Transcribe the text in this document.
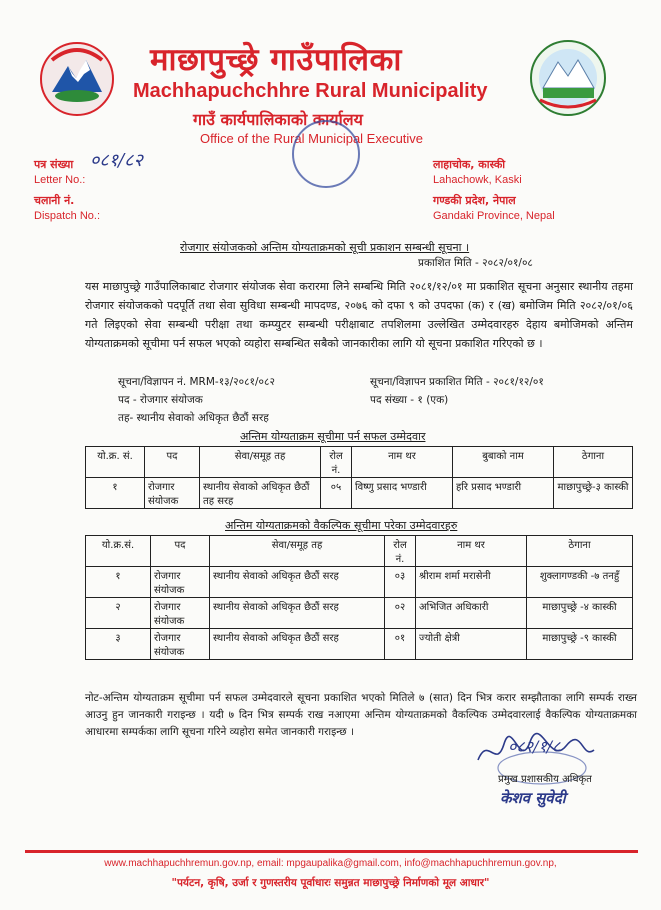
माछापुच्छ्रे गाउँपालिका
Machhapuchchhre Rural Municipality
गाउँ कार्यपालिकाको कार्यालय
Office of the Rural Municipal Executive
पत्र संख्या ०८१/८२
Letter No.:
चलानी नं.
Dispatch No.:
लाहाचोक, कास्की
Lahachowk, Kaski
गण्डकी प्रदेश, नेपाल
Gandaki Province, Nepal
रोजगार संयोजकको अन्तिम योग्यताक्रमको सूची प्रकाशन सम्बन्धी सूचना ।
प्रकाशित मिति - २०८२/०१/०८
यस माछापुच्छ्रे गाउँपालिकाबाट रोजगार संयोजक सेवा करारमा लिने सम्बन्धि मिति २०८१/१२/०१ मा प्रकाशित सूचना अनुसार स्थानीय तहमा रोजगार संयोजकको पदपूर्ति तथा सेवा सुविधा सम्बन्धी मापदण्ड, २०७६ को दफा ९ को उपदफा (क) र (ख) बमोजिम मिति २०८२/०१/०६ गते लिइएको सेवा सम्बन्धी परीक्षा तथा कम्प्युटर सम्बन्धी परीक्षाबाट तपशिलमा उल्लेखित उम्मेदवारहरु देहाय बमोजिमको अन्तिम योग्यताक्रमको सूचीमा पर्न सफल भएको व्यहोरा सम्बन्धित सबैको जानकारीका लागि यो सूचना प्रकाशित गरिएको छ ।
सूचना/विज्ञापन नं. MRM-१३/२०८१/०८२	सूचना/विज्ञापन प्रकाशित मिति - २०८१/१२/०१
पद - रोजगार संयोजक	पद संख्या - १ (एक)
तह- स्थानीय सेवाको अधिकृत छैठौं सरह
अन्तिम योग्यताक्रम सूचीमा पर्न सफल उम्मेदवार
यो.क्र. सं.	पद	सेवा/समूह तह	रोल नं.	नाम थर	बुबाको नाम	ठेगाना
१	रोजगार संयोजक	स्थानीय सेवाको अधिकृत छैठौं तह सरह	०५	विष्णु प्रसाद भण्डारी	हरि प्रसाद भण्डारी	माछापुच्छ्रे-३ कास्की
अन्तिम योग्यताक्रमको वैकल्पिक सूचीमा परेका उम्मेदवारहरु
यो.क्र.सं.	पद	सेवा/समूह तह	रोल नं.	नाम थर	ठेगाना
१	रोजगार संयोजक	स्थानीय सेवाको अधिकृत छैठौं सरह	०३	श्रीराम शर्मा मरासेनी	शुक्लागण्डकी -७ तनहुँ
२	रोजगार संयोजक	स्थानीय सेवाको अधिकृत छैठौं सरह	०२	अभिजित अधिकारी	माछापुच्छ्रे -४ कास्की
३	रोजगार संयोजक	स्थानीय सेवाको अधिकृत छैठौं सरह	०१	ज्योती क्षेत्री	माछापुच्छ्रे -९ कास्की
नोट-अन्तिम योग्यताक्रम सूचीमा पर्न सफल उम्मेदवारले सूचना प्रकाशित भएको मितिले ७ (सात) दिन भित्र करार सम्झौताका लागि सम्पर्क राख्न आउनु हुन जानकारी गराइन्छ । यदी ७ दिन भित्र सम्पर्क राख नआएमा अन्तिम योग्यताक्रमको वैकल्पिक उम्मेदवारलाई वैकल्पिक योग्यताक्रमका आधारमा सम्पर्कका लागि सूचना गरिने व्यहोरा समेत जानकारी गराइन्छ ।
०८२/१/८
प्रमुख प्रशासकीय अधिकृत
केशव सुवेदी
www.machhapuchhremun.gov.np, email: mpgaupalika@gmail.com, info@machhapuchhremun.gov.np,
"पर्यटन, कृषि, उर्जा र गुणस्तरीय पूर्वाधारः समुन्नत माछापुच्छ्रे निर्माणको मूल आधार"
